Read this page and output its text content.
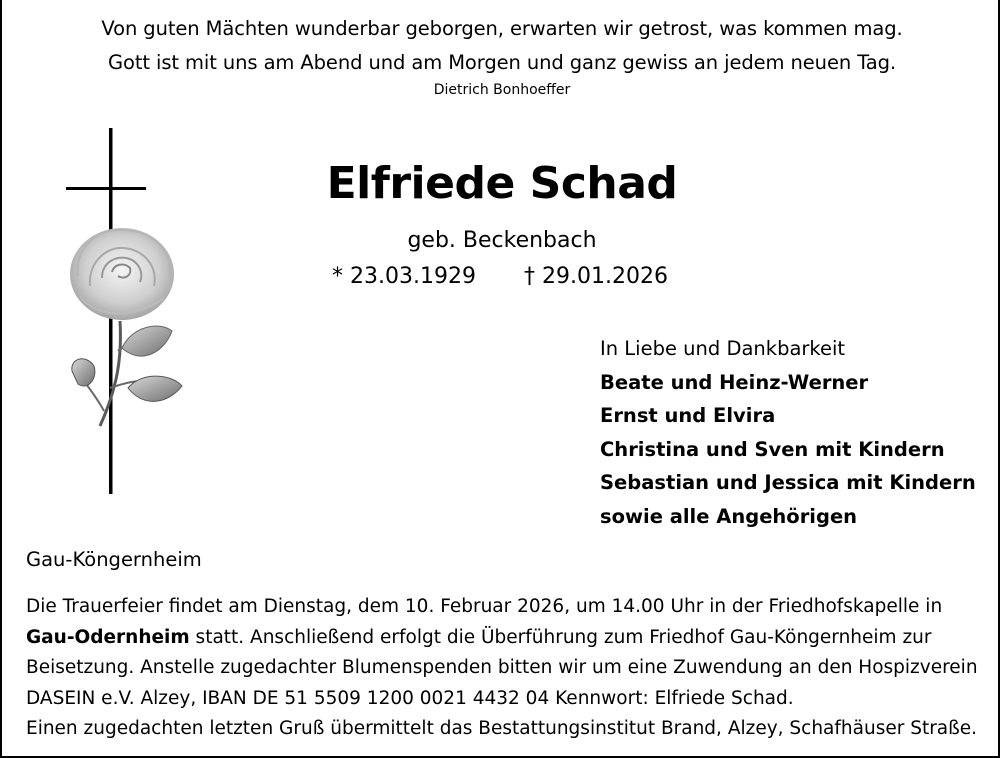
Von guten Mächten wunderbar geborgen, erwarten wir getrost, was kommen mag.
Gott ist mit uns am Abend und am Morgen und ganz gewiss an jedem neuen Tag.
Dietrich Bonhoeffer
Elfriede Schad
geb. Beckenbach
* 23.03.1929 † 29.01.2026
In Liebe und Dankbarkeit
Beate und Heinz-Werner
Ernst und Elvira
Christina und Sven mit Kindern
Sebastian und Jessica mit Kindern
sowie alle Angehörigen
Gau-Köngernheim
Die Trauerfeier findet am Dienstag, dem 10. Februar 2026, um 14.00 Uhr in der Friedhofskapelle in
Gau-Odernheim statt. Anschließend erfolgt die Überführung zum Friedhof Gau-Köngernheim zur
Beisetzung. Anstelle zugedachter Blumenspenden bitten wir um eine Zuwendung an den Hospizverein
DASEIN e.V. Alzey, IBAN DE 51 5509 1200 0021 4432 04 Kennwort: Elfriede Schad.
Einen zugedachten letzten Gruß übermittelt das Bestattungsinstitut Brand, Alzey, Schafhäuser Straße.
